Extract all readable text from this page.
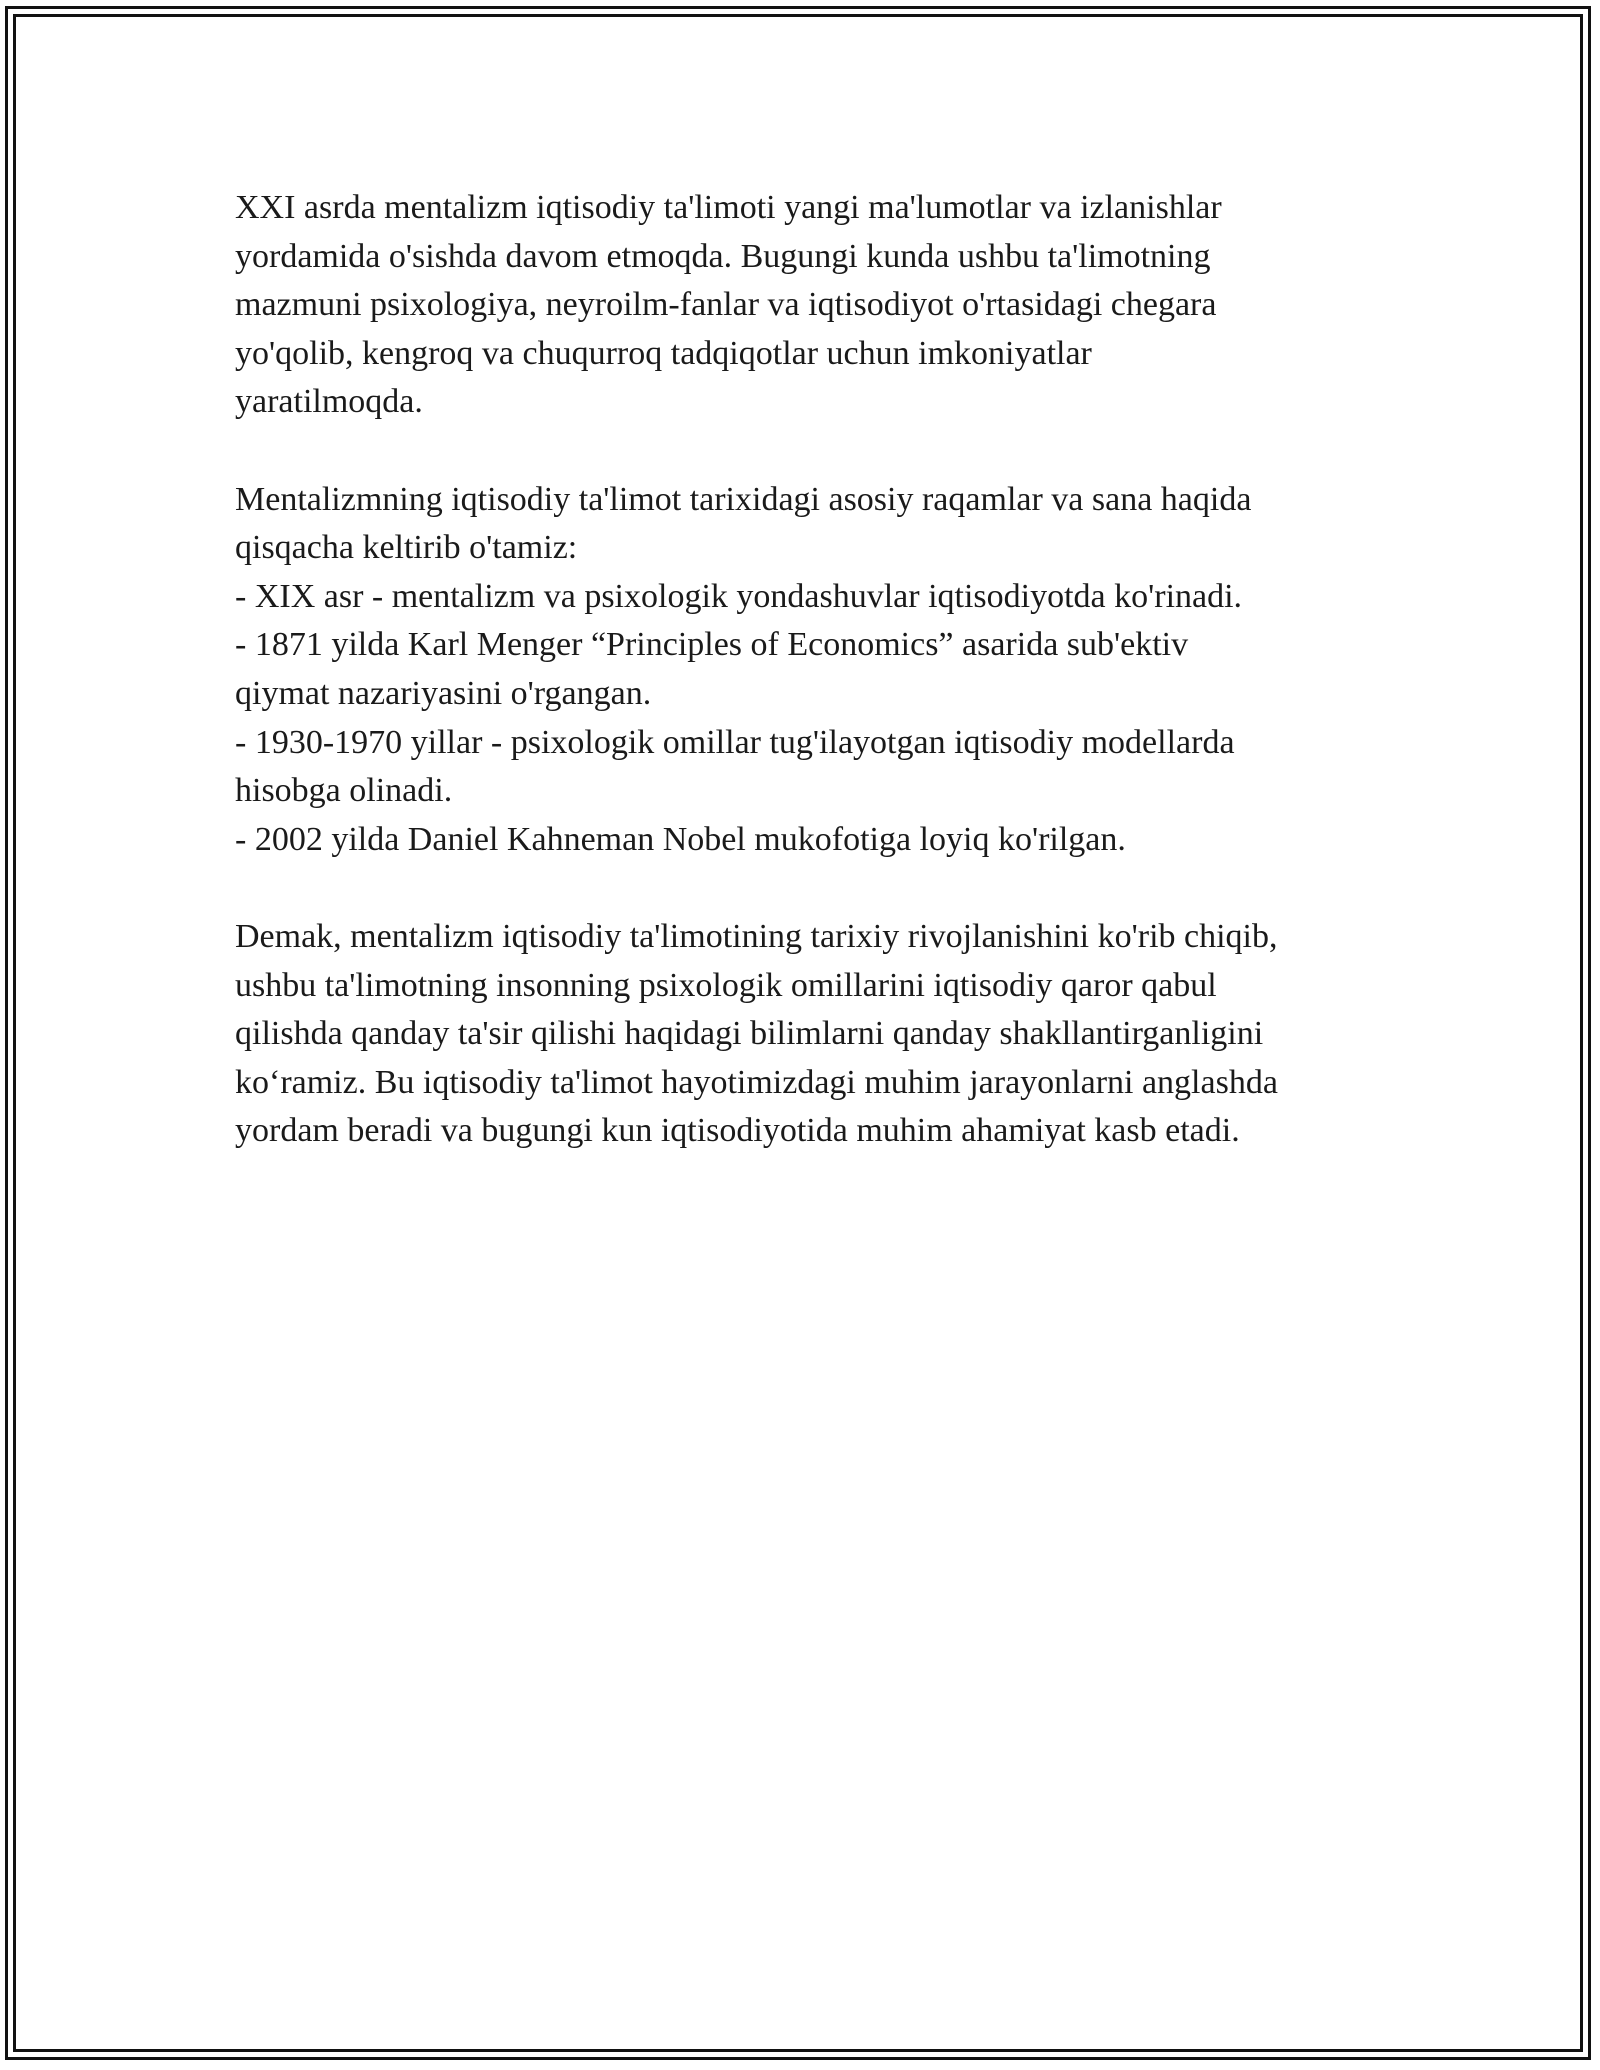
XXI asrda mentalizm iqtisodiy ta'limoti yangi ma'lumotlar va izlanishlar
yordamida o'sishda davom etmoqda. Bugungi kunda ushbu ta'limotning
mazmuni psixologiya, neyroilm-fanlar va iqtisodiyot o'rtasidagi chegara
yo'qolib, kengroq va chuqurroq tadqiqotlar uchun imkoniyatlar
yaratilmoqda.

Mentalizmning iqtisodiy ta'limot tarixidagi asosiy raqamlar va sana haqida
qisqacha keltirib o'tamiz:
- XIX asr - mentalizm va psixologik yondashuvlar iqtisodiyotda ko'rinadi.
- 1871 yilda Karl Menger “Principles of Economics” asarida sub'ektiv
qiymat nazariyasini o'rgangan.
- 1930-1970 yillar - psixologik omillar tug'ilayotgan iqtisodiy modellarda
hisobga olinadi.
- 2002 yilda Daniel Kahneman Nobel mukofotiga loyiq ko'rilgan.

Demak, mentalizm iqtisodiy ta'limotining tarixiy rivojlanishini ko'rib chiqib,
ushbu ta'limotning insonning psixologik omillarini iqtisodiy qaror qabul
qilishda qanday ta'sir qilishi haqidagi bilimlarni qanday shakllantirganligini
ko‘ramiz. Bu iqtisodiy ta'limot hayotimizdagi muhim jarayonlarni anglashda
yordam beradi va bugungi kun iqtisodiyotida muhim ahamiyat kasb etadi.
